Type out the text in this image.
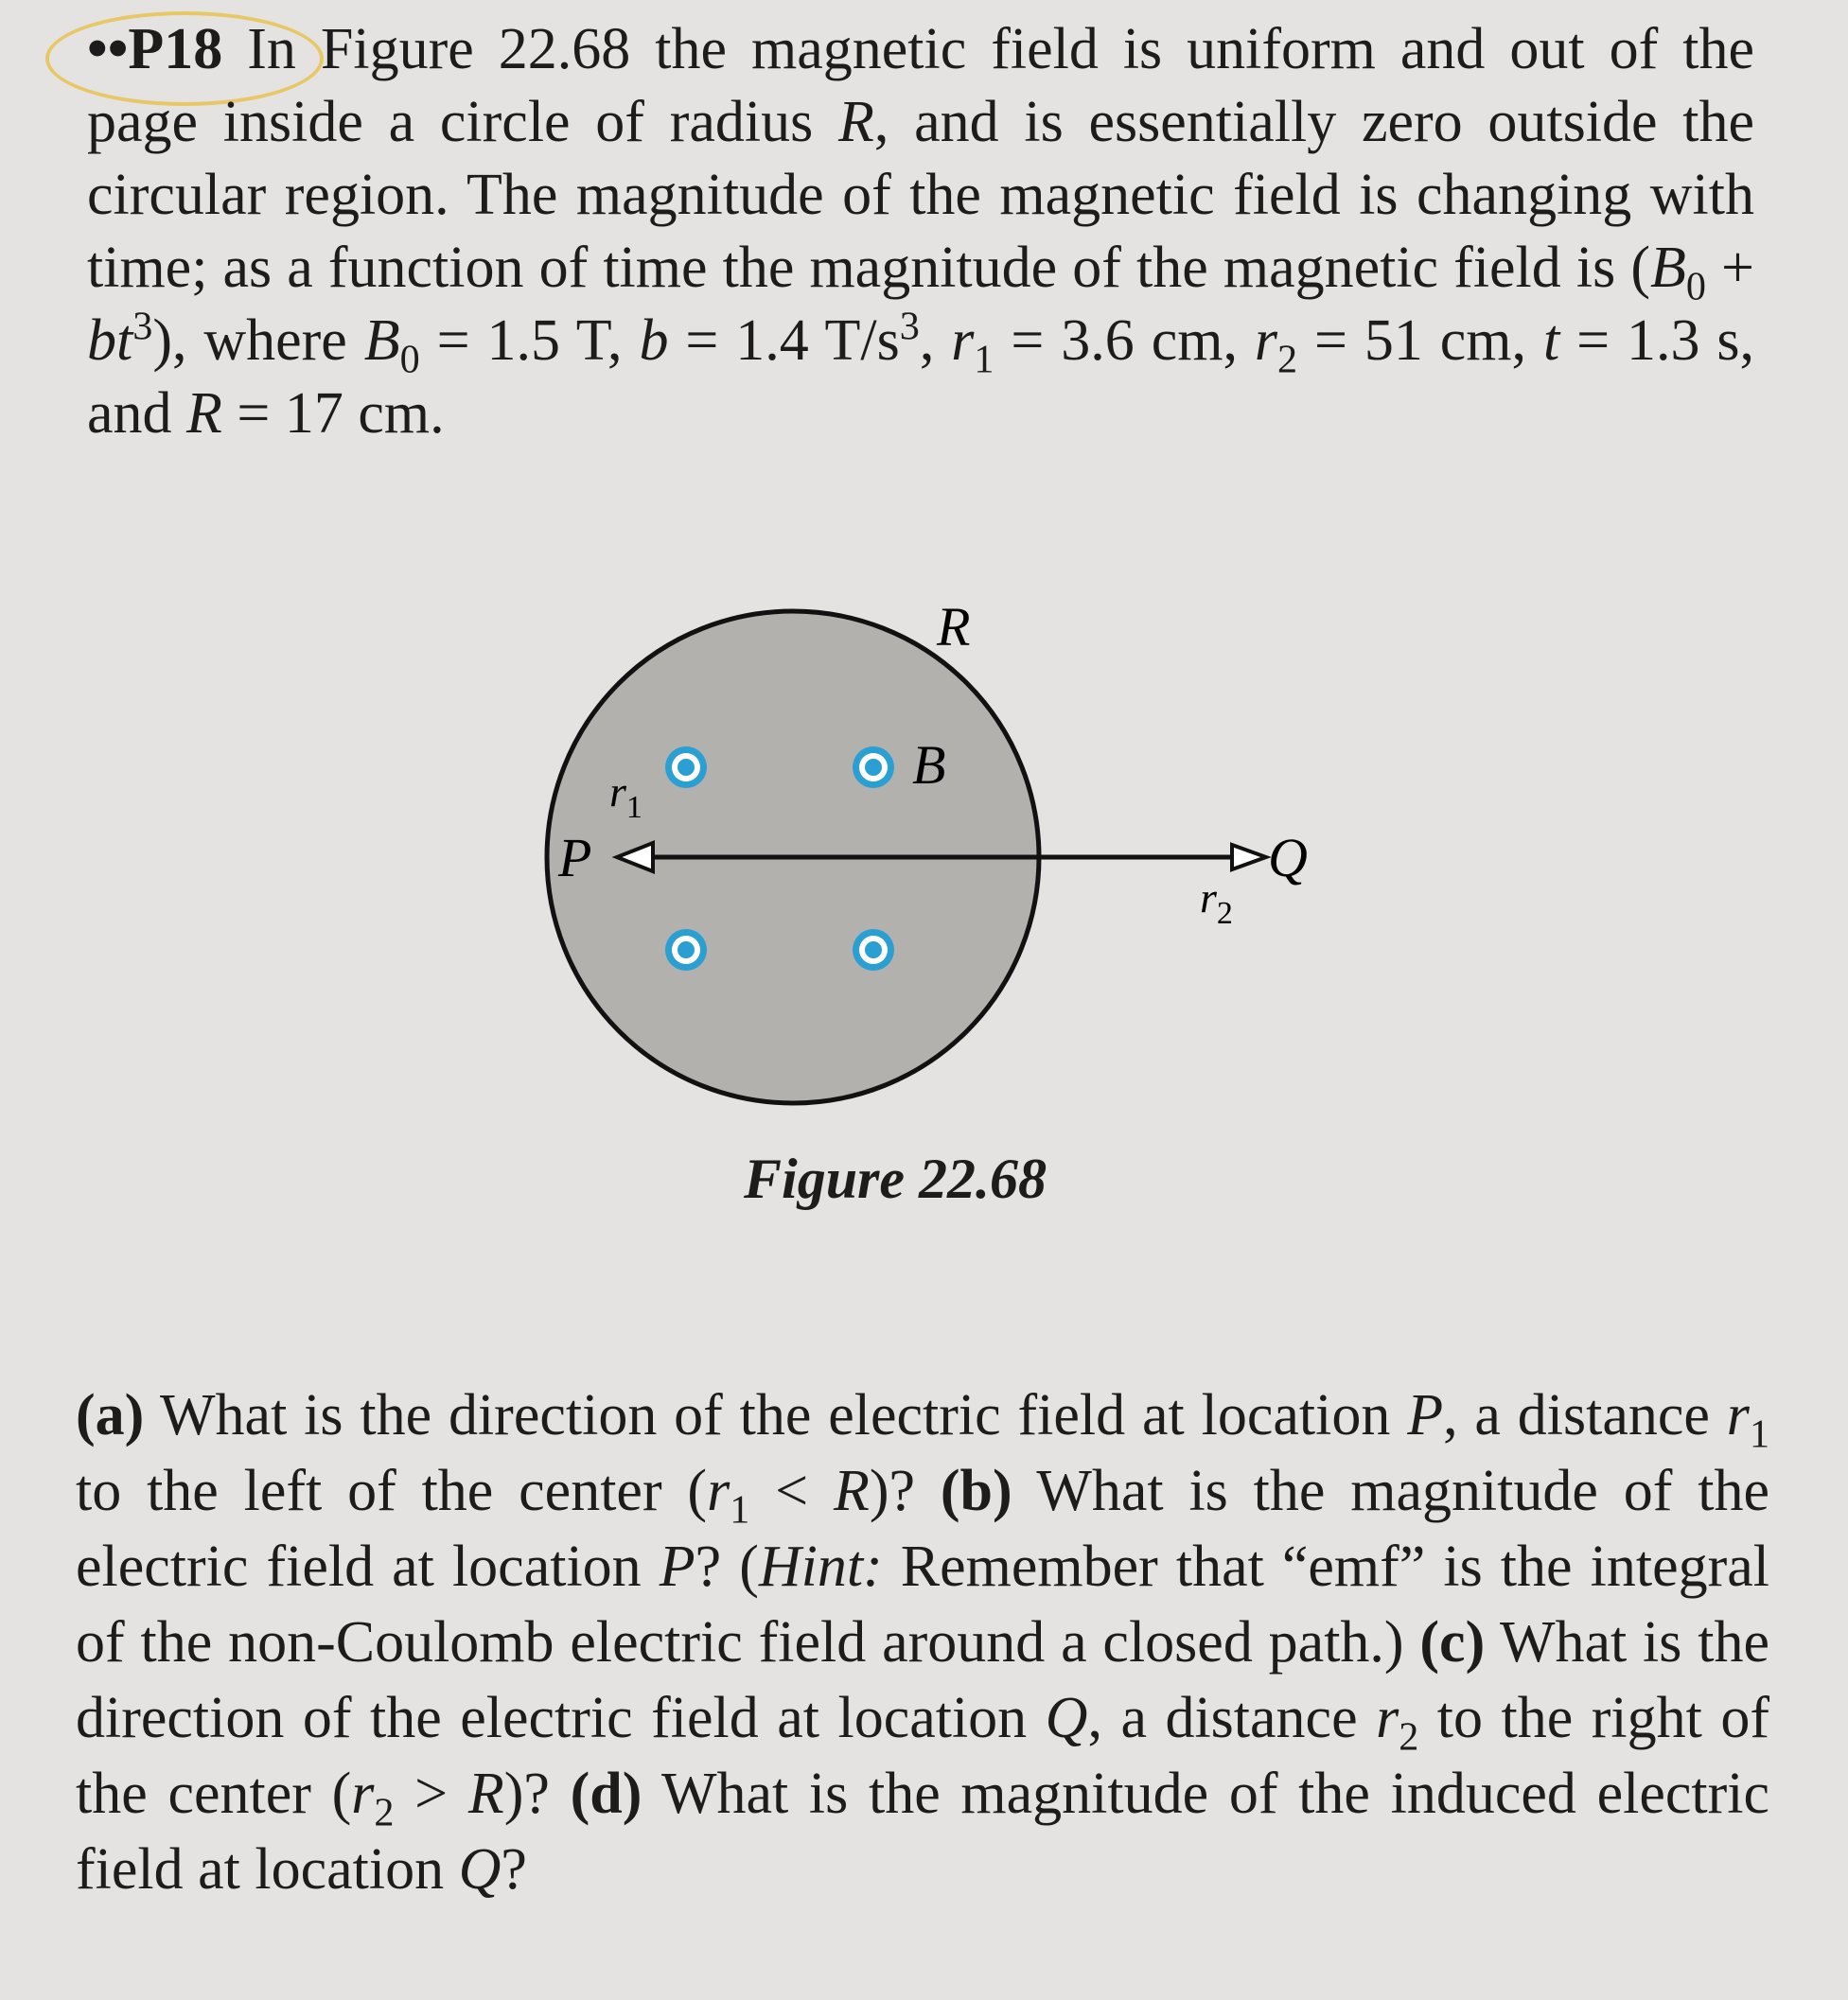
••P18 In Figure 22.68 the magnetic field is uniform and out of the page inside a circle of radius R, and is essentially zero outside the circular region. The magnitude of the magnetic field is changing with time; as a function of time the magnitude of the magnetic field is $(B_0 + bt^3)$, where $B_0 = 1.5$ T, b = 1.4 $T/s^3$, $r_1 = 3.6$ cm, $r_2 = 51$ cm, t = 1.3 s, and R = 17 cm.
R
B
P	Q
$r_1$
$r_2$
Figure 22.68
(a) What is the direction of the electric field at location P, a distance $r_1$ to the left of the center $(r_1 < R)$? (b) What is the magnitude of the electric field at location P? (Hint: Remember that “emf” is the integral of the non-Coulomb electric field around a closed path.) (c) What is the direction of the electric field at location Q, a distance $r_2$ to the right of the center $(r_2 > R)$? (d) What is the magnitude of the induced electric field at location Q?
